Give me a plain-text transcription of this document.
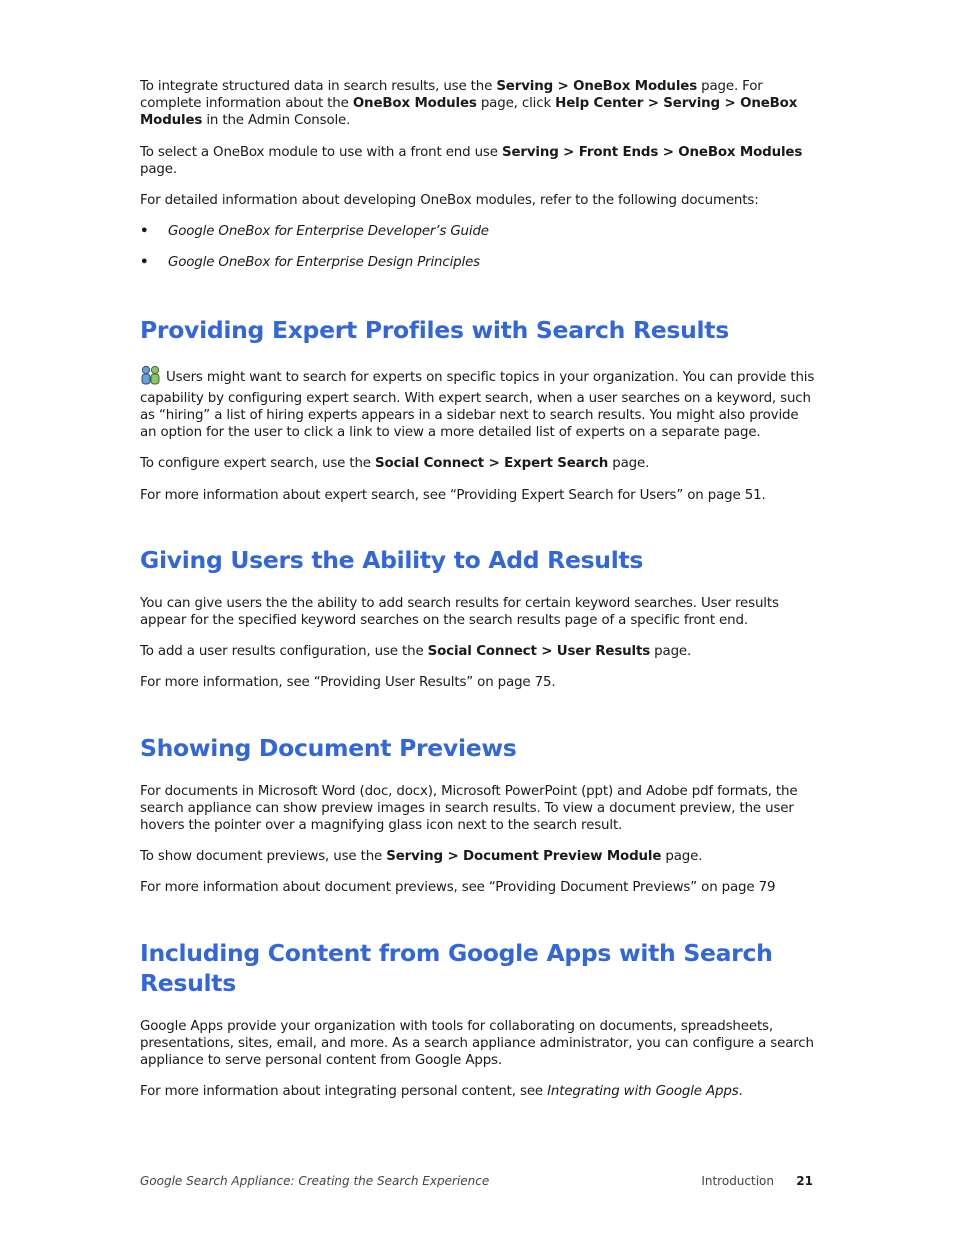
To integrate structured data in search results, use the Serving > OneBox Modules page. For complete information about the OneBox Modules page, click Help Center > Serving > OneBox Modules in the Admin Console.

To select a OneBox module to use with a front end use Serving > Front Ends > OneBox Modules page.

For detailed information about developing OneBox modules, refer to the following documents:

• Google OneBox for Enterprise Developer’s Guide
• Google OneBox for Enterprise Design Principles
Providing Expert Profiles with Search Results

Users might want to search for experts on specific topics in your organization. You can provide this capability by configuring expert search. With expert search, when a user searches on a keyword, such as “hiring” a list of hiring experts appears in a sidebar next to search results. You might also provide an option for the user to click a link to view a more detailed list of experts on a separate page.

To configure expert search, use the Social Connect > Expert Search page.

For more information about expert search, see “Providing Expert Search for Users” on page 51.

Giving Users the Ability to Add Results

You can give users the the ability to add search results for certain keyword searches. User results appear for the specified keyword searches on the search results page of a specific front end.

To add a user results configuration, use the Social Connect > User Results page.

For more information, see “Providing User Results” on page 75.

Showing Document Previews

For documents in Microsoft Word (doc, docx), Microsoft PowerPoint (ppt) and Adobe pdf formats, the search appliance can show preview images in search results. To view a document preview, the user hovers the pointer over a magnifying glass icon next to the search result.

To show document previews, use the Serving > Document Preview Module page.

For more information about document previews, see “Providing Document Previews” on page 79

Including Content from Google Apps with Search Results

Google Apps provide your organization with tools for collaborating on documents, spreadsheets, presentations, sites, email, and more. As a search appliance administrator, you can configure a search appliance to serve personal content from Google Apps.

For more information about integrating personal content, see Integrating with Google Apps.

Google Search Appliance: Creating the Search Experience	Introduction 21
